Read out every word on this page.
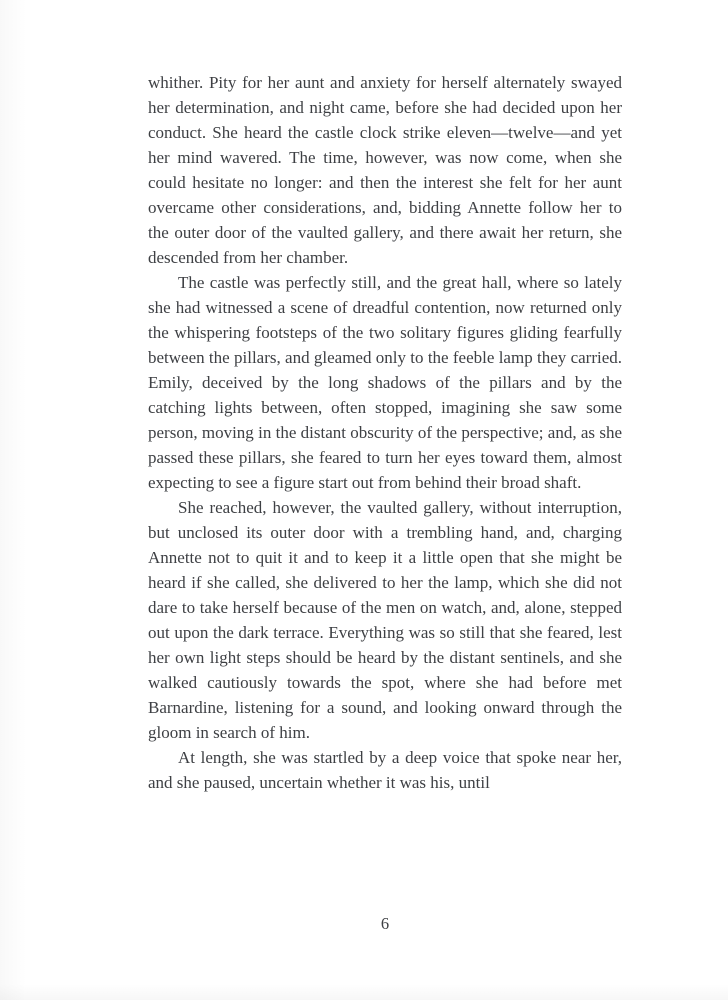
whither. Pity for her aunt and anxiety for herself alternately swayed her determination, and night came, before she had decided upon her conduct. She heard the castle clock strike eleven—twelve—and yet her mind wavered. The time, however, was now come, when she could hesitate no longer: and then the interest she felt for her aunt overcame other considerations, and, bidding Annette follow her to the outer door of the vaulted gallery, and there await her return, she descended from her chamber.

The castle was perfectly still, and the great hall, where so lately she had witnessed a scene of dreadful contention, now returned only the whispering footsteps of the two solitary figures gliding fearfully between the pillars, and gleamed only to the feeble lamp they carried. Emily, deceived by the long shadows of the pillars and by the catching lights between, often stopped, imagining she saw some person, moving in the distant obscurity of the perspective; and, as she passed these pillars, she feared to turn her eyes toward them, almost expecting to see a figure start out from behind their broad shaft.

She reached, however, the vaulted gallery, without interruption, but unclosed its outer door with a trembling hand, and, charging Annette not to quit it and to keep it a little open that she might be heard if she called, she delivered to her the lamp, which she did not dare to take herself because of the men on watch, and, alone, stepped out upon the dark terrace. Everything was so still that she feared, lest her own light steps should be heard by the distant sentinels, and she walked cautiously towards the spot, where she had before met Barnardine, listening for a sound, and looking onward through the gloom in search of him.

At length, she was startled by a deep voice that spoke near her, and she paused, uncertain whether it was his, until

6
